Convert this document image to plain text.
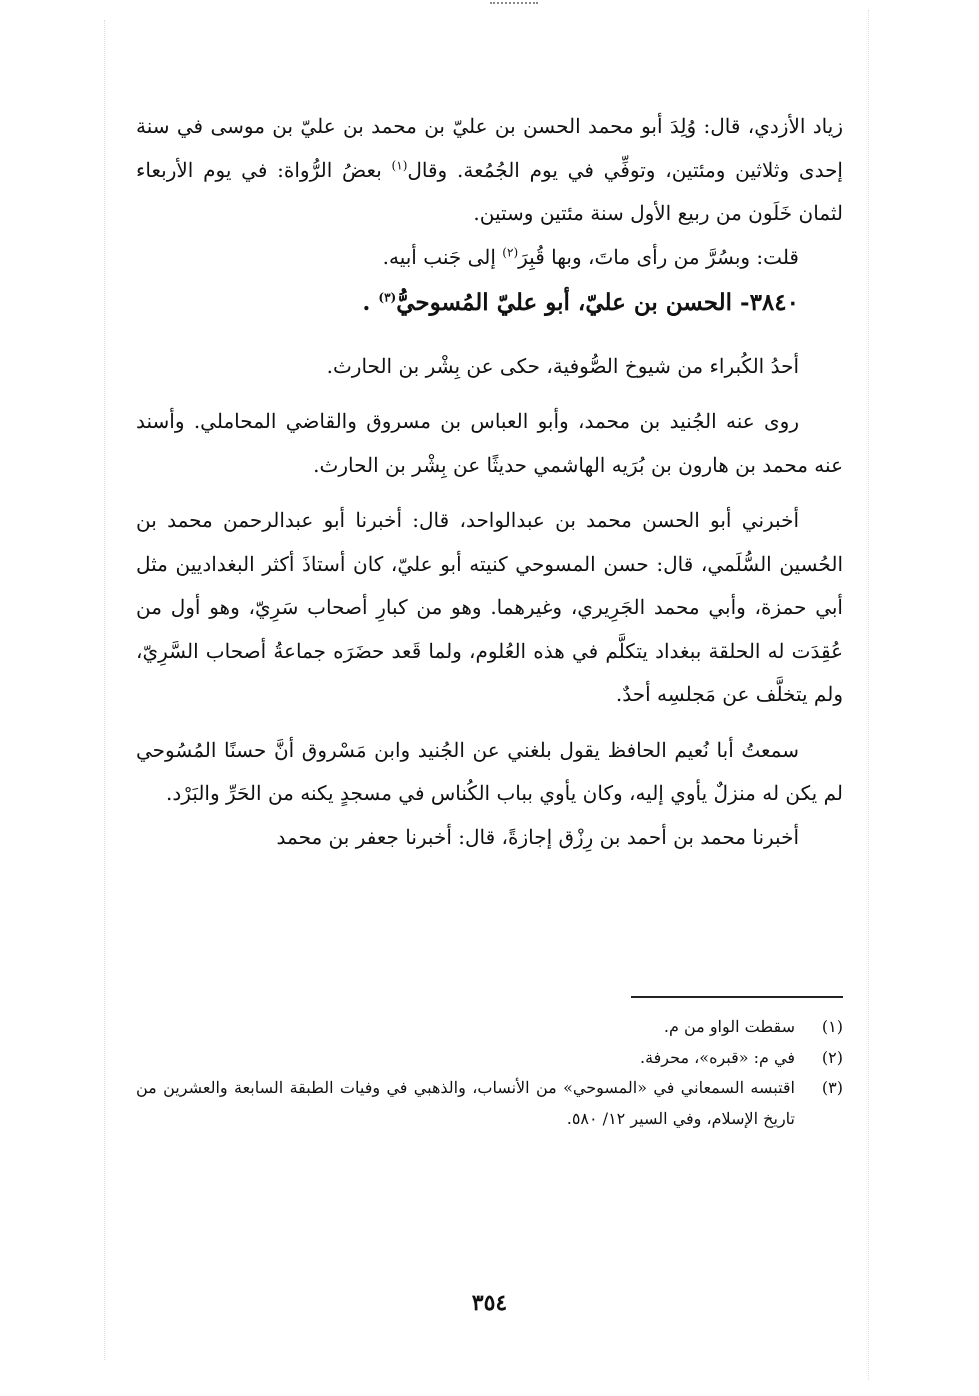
زياد الأزدي، قال: وُلِدَ أبو محمد الحسن بن عليّ بن محمد بن عليّ بن موسى في سنة إحدى وثلاثين ومئتين، وتوفِّي في يوم الجُمُعة. وقال$^{(١)}$ بعضُ الرُّواة: في يوم الأربعاء لثمان خَلَون من ربيع الأول سنة مئتين وستين.

قلت: وبسُرَّ من رأى ماتَ، وبها قُبِرَ$^{(٢)}$ إلى جَنب أبيه.

٣٨٤٠- الحسن بن عليّ، أبو عليّ المُسوحيُّ$^{(٣)}$ .

أحدُ الكُبراء من شيوخ الصُّوفية، حكى عن بِشْر بن الحارث.

روى عنه الجُنيد بن محمد، وأبو العباس بن مسروق والقاضي المحاملي. وأسند عنه محمد بن هارون بن بُرَيه الهاشمي حديثًا عن بِشْر بن الحارث.

أخبرني أبو الحسن محمد بن عبدالواحد، قال: أخبرنا أبو عبدالرحمن محمد بن الحُسين السُّلَمي، قال: حسن المسوحي كنيته أبو عليّ، كان أستاذَ أكثر البغداديين مثل أبي حمزة، وأبي محمد الجَرِيري، وغيرهما. وهو من كبارِ أصحاب سَرِيّ، وهو أول من عُقِدَت له الحلقة ببغداد يتكلَّم في هذه العُلوم، ولما قَعد حضَرَه جماعةُ أصحاب السَّرِيّ، ولم يتخلَّف عن مَجلسِه أحدٌ.

سمعتُ أبا نُعيم الحافظ يقول بلغني عن الجُنيد وابن مَسْروق أنَّ حسنًا المُسُوحي لم يكن له منزلٌ يأوي إليه، وكان يأوي بباب الكُناس في مسجدٍ يكنه من الحَرِّ والبَرْد.

أخبرنا محمد بن أحمد بن رِزْق إجازةً، قال: أخبرنا جعفر بن محمد

(١)
سقطت الواو من م.
(٢)
في م: «قبره»، محرفة.
(٣)
اقتبسه السمعاني في «المسوحي» من الأنساب، والذهبي في وفيات الطبقة السابعة والعشرين من تاريخ الإسلام، وفي السير ١٢/ ٥٨٠.
٣٥٤
